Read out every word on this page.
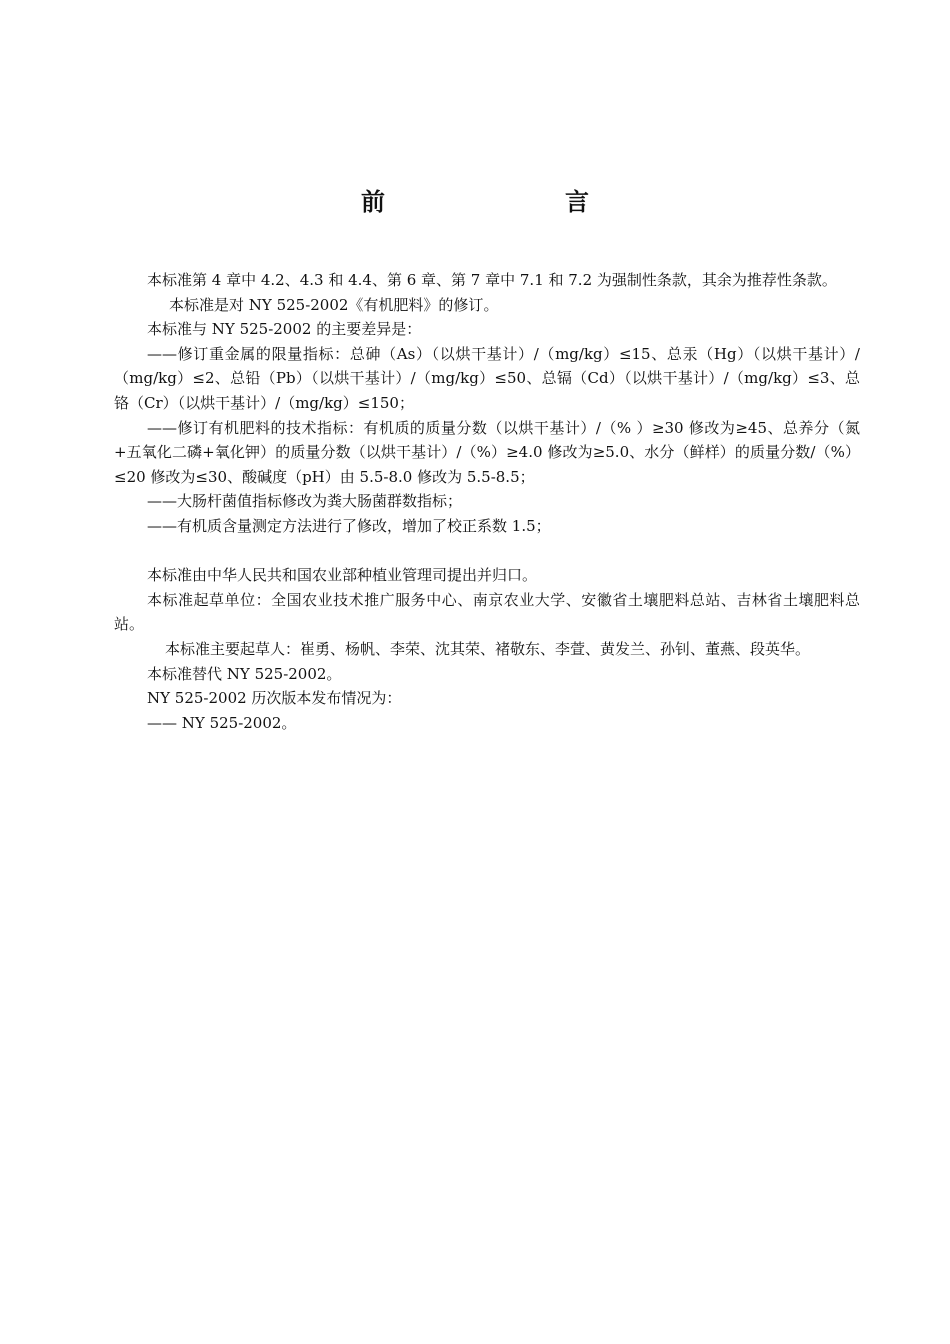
前　　言

本标准第 4 章中 4.2、4.3 和 4.4、第 6 章、第 7 章中 7.1 和 7.2 为强制性条款，其余为推荐性条款。

本标准是对 NY 525-2002《有机肥料》的修订。

本标准与 NY 525-2002 的主要差异是：

——修订重金属的限量指标：总砷（As）（以烘干基计）/（mg/kg）≤15、总汞（Hg）（以烘干基计）/（mg/kg）≤2、总铅（Pb）（以烘干基计）/（mg/kg）≤50、总镉（Cd）（以烘干基计）/（mg/kg）≤3、总铬（Cr）（以烘干基计）/（mg/kg）≤150；

——修订有机肥料的技术指标：有机质的质量分数（以烘干基计）/（% ）≥30 修改为≥45、总养分（氮+五氧化二磷+氧化钾）的质量分数（以烘干基计）/（%）≥4.0 修改为≥5.0、水分（鲜样）的质量分数/（%）≤20 修改为≤30、酸碱度（pH）由 5.5-8.0 修改为 5.5-8.5；

——大肠杆菌值指标修改为粪大肠菌群数指标；

——有机质含量测定方法进行了修改，增加了校正系数 1.5；

本标准由中华人民共和国农业部种植业管理司提出并归口。

本标准起草单位：全国农业技术推广服务中心、南京农业大学、安徽省土壤肥料总站、吉林省土壤肥料总站。

本标准主要起草人：崔勇、杨帆、李荣、沈其荣、褚敬东、李萱、黄发兰、孙钊、董燕、段英华。

本标准替代 NY 525-2002。

NY 525-2002 历次版本发布情况为：

—— NY 525-2002。
